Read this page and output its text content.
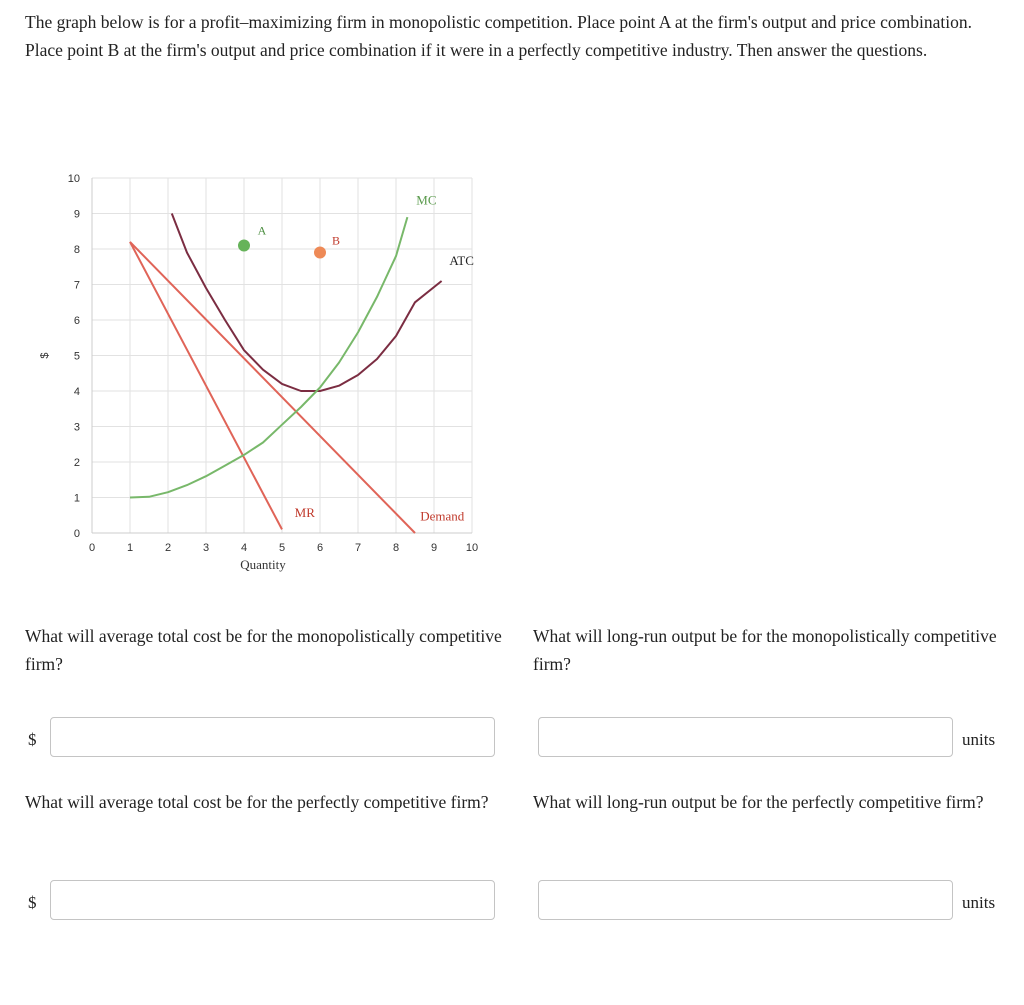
The graph below is for a profit–maximizing firm in monopolistic competition. Place point A at the firm's output and price combination. Place point B at the firm's output and price combination if it were in a perfectly competitive industry. Then answer the questions.

0	1	2	3	4	5	6	7	8	9	10
0
1
2
3
4
5
6
7
8
9
10
Quantity
$
Demand
MR
ATC
MC
A
B

What will average total cost be for the monopolistically competitive firm?

$

What will long-run output be for the monopolistically competitive firm?

units

What will average total cost be for the perfectly competitive firm?

$

What will long-run output be for the perfectly competitive firm?

units
